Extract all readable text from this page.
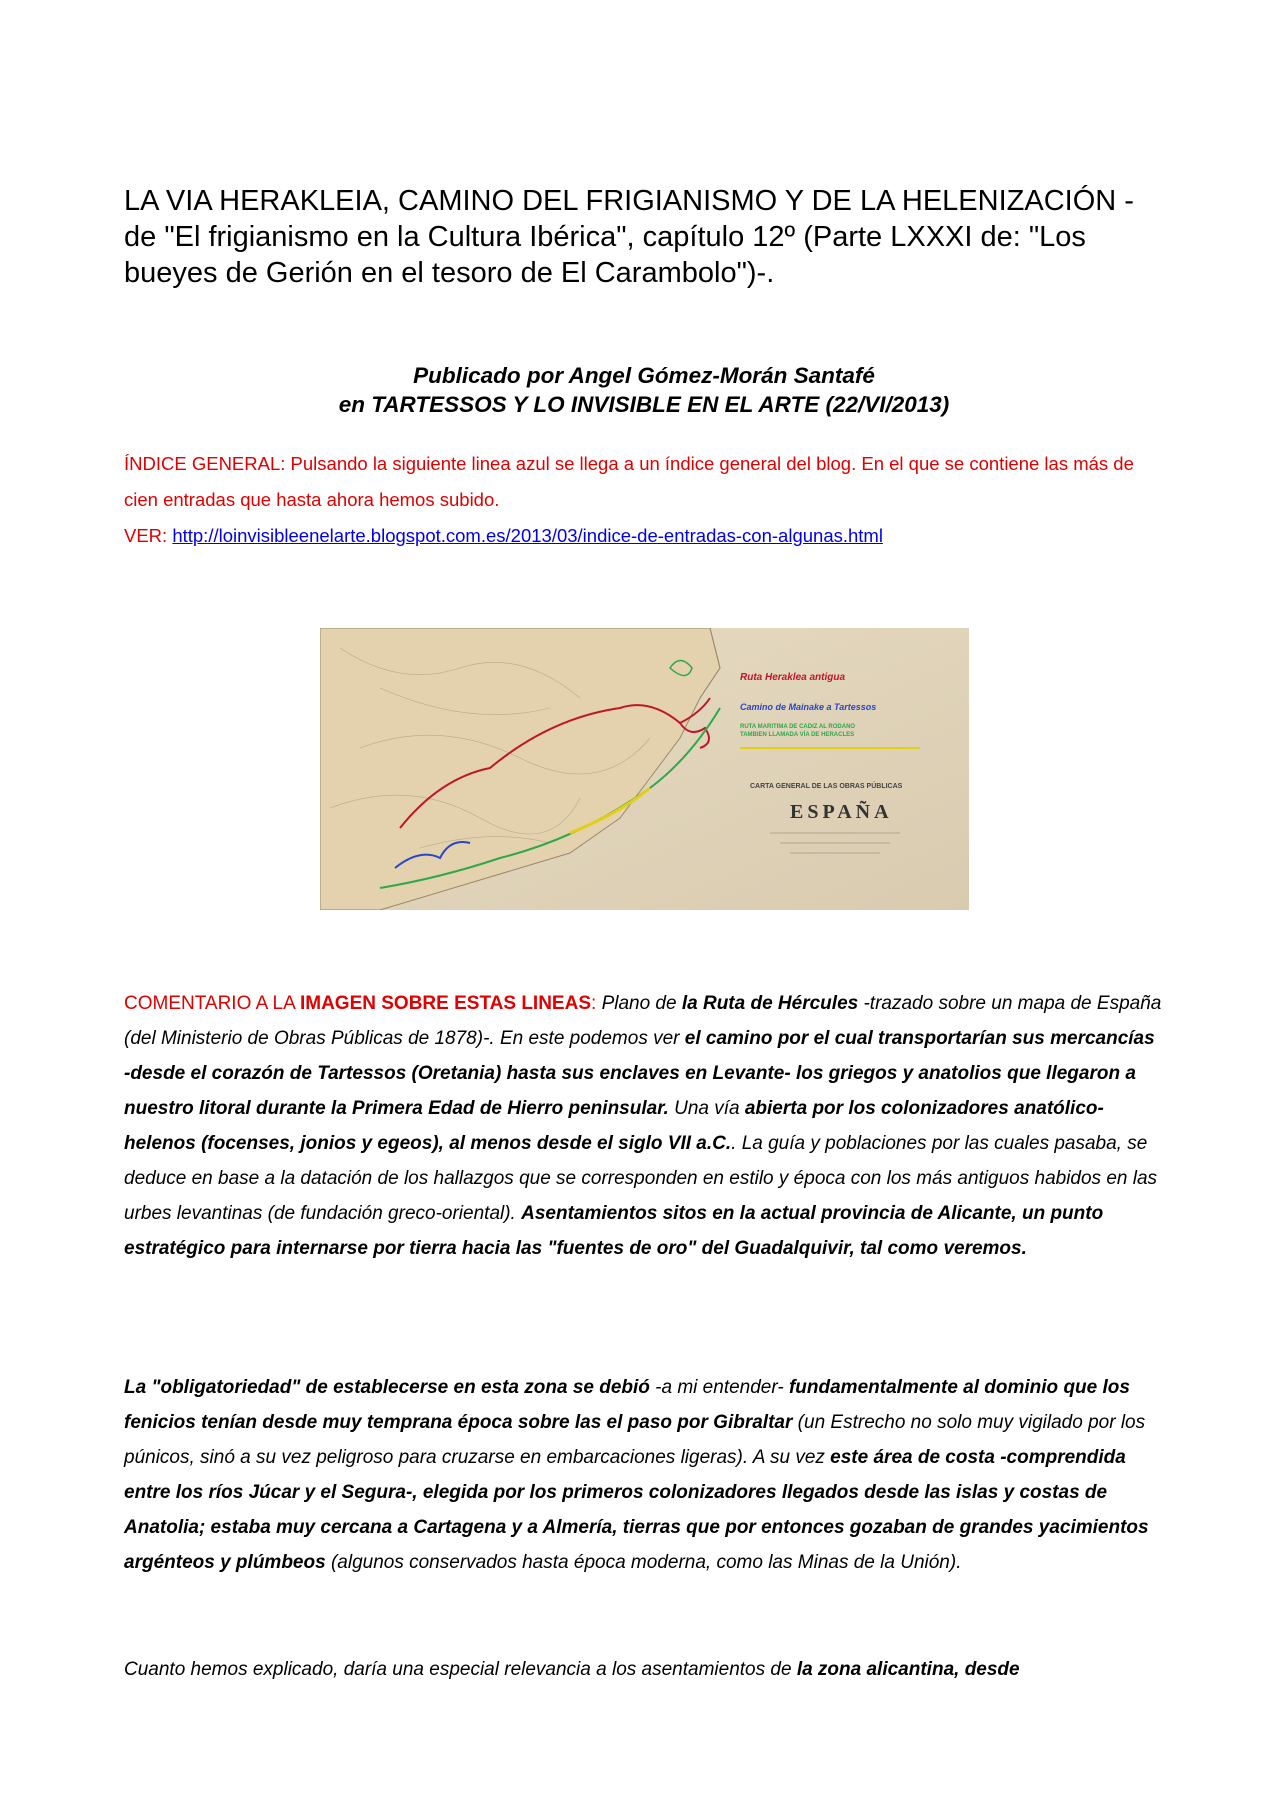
LA VIA HERAKLEIA, CAMINO DEL FRIGIANISMO Y DE LA HELENIZACIÓN -de "El frigianismo en la Cultura Ibérica", capítulo 12º (Parte LXXXI de: "Los bueyes de Gerión en el tesoro de El Carambolo")-.
Publicado por Angel Gómez-Morán Santafé
en TARTESSOS Y LO INVISIBLE EN EL ARTE (22/VI/2013)
ÍNDICE GENERAL: Pulsando la siguiente linea azul se llega a un índice general del blog. En el que se contiene las más de cien entradas que hasta ahora hemos subido.
VER: http://loinvisibleenelarte.blogspot.com.es/2013/03/indice-de-entradas-con-algunas.html
Ruta Heraklea antigua
Camino de Mainake a Tartessos
RUTA MARITIMA DE CADIZ AL RODANO
TAMBIEN LLAMADA VÍA DE HERACLES
CARTA GENERAL DE LAS OBRAS PÚBLICAS
ESPAÑA
COMENTARIO A LA IMAGEN SOBRE ESTAS LINEAS: Plano de la Ruta de Hércules -trazado sobre un mapa de España (del Ministerio de Obras Públicas de 1878)-. En este podemos ver el camino por el cual transportarían sus mercancías -desde el corazón de Tartessos (Oretania) hasta sus enclaves en Levante- los griegos y anatolios que llegaron a nuestro litoral durante la Primera Edad de Hierro peninsular. Una vía abierta por los colonizadores anatólico-helenos (focenses, jonios y egeos), al menos desde el siglo VII a.C.. La guía y poblaciones por las cuales pasaba, se deduce en base a la datación de los hallazgos que se corresponden en estilo y época con los más antiguos habidos en las urbes levantinas (de fundación greco-oriental). Asentamientos sitos en la actual provincia de Alicante, un punto estratégico para internarse por tierra hacia las "fuentes de oro" del Guadalquivir, tal como veremos.
La "obligatoriedad" de establecerse en esta zona se debió -a mi entender- fundamentalmente al dominio que los fenicios tenían desde muy temprana época sobre las el paso por Gibraltar (un Estrecho no solo muy vigilado por los púnicos, sinó a su vez peligroso para cruzarse en embarcaciones ligeras). A su vez este área de costa -comprendida entre los ríos Júcar y el Segura-, elegida por los primeros colonizadores llegados desde las islas y costas de Anatolia; estaba muy cercana a Cartagena y a Almería, tierras que por entonces gozaban de grandes yacimientos argénteos y plúmbeos (algunos conservados hasta época moderna, como las Minas de la Unión).
Cuanto hemos explicado, daría una especial relevancia a los asentamientos de la zona alicantina, desde
